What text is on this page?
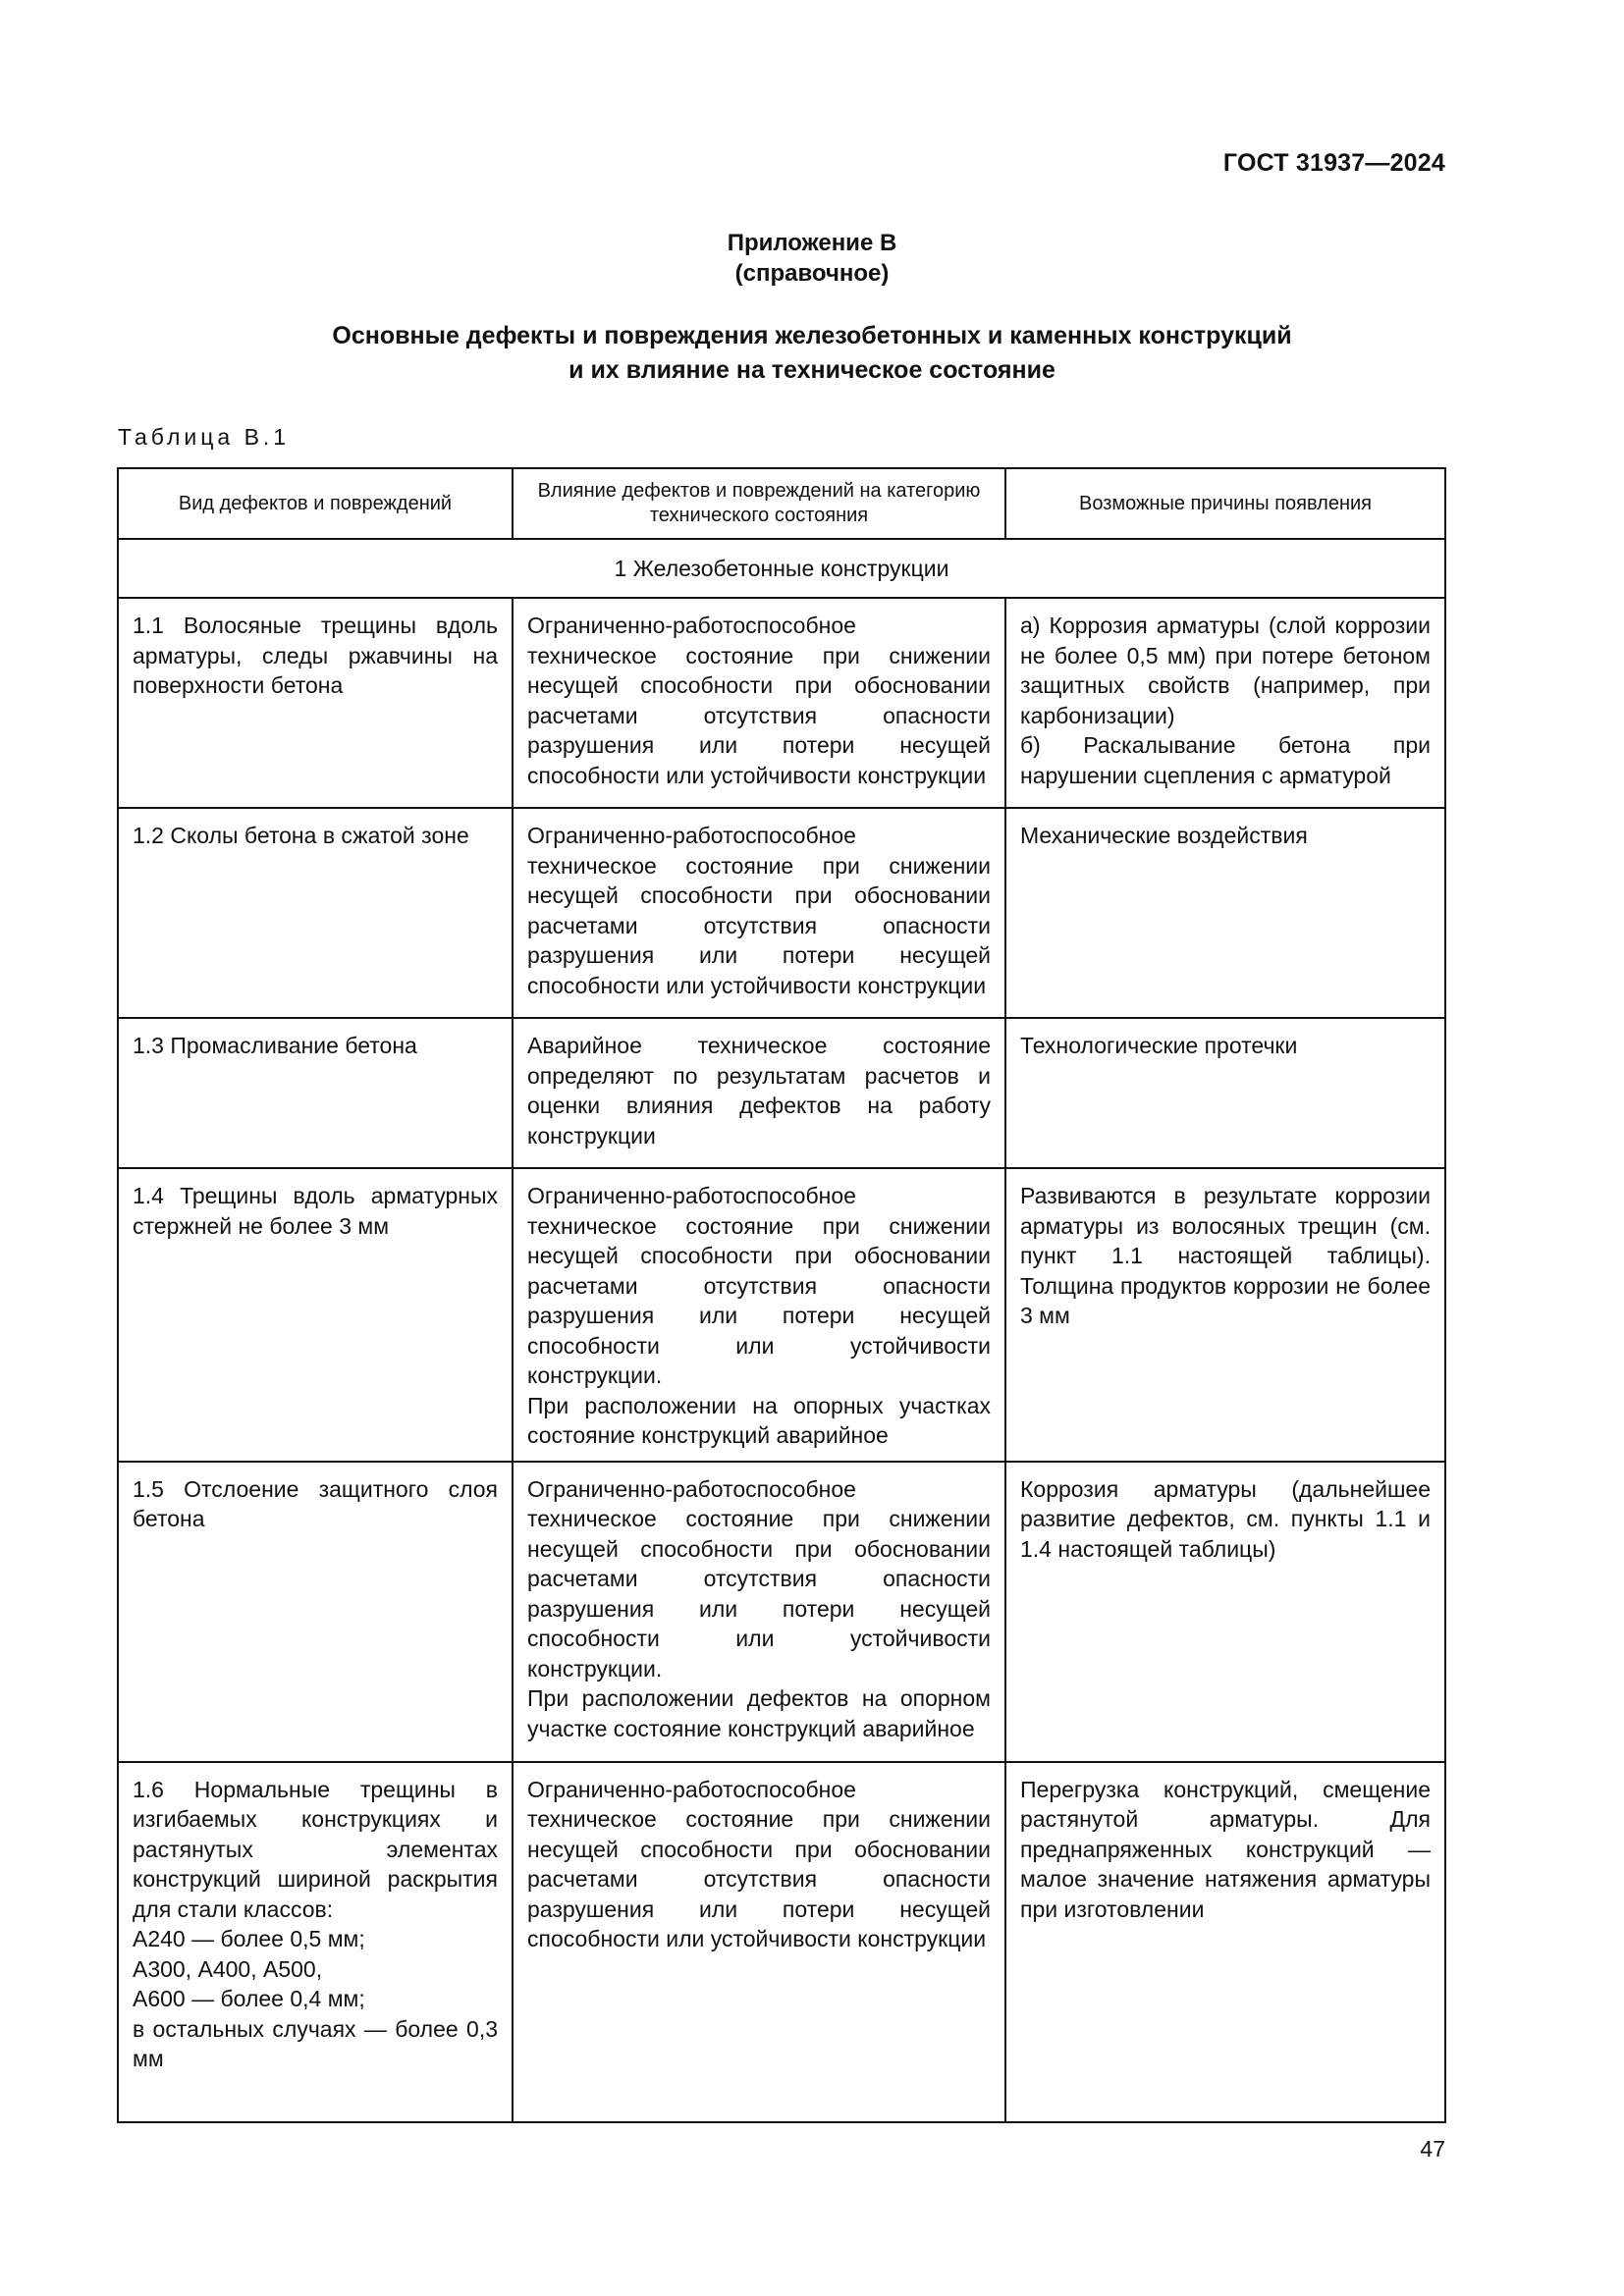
ГОСТ 31937—2024
Приложение В
(справочное)
Основные дефекты и повреждения железобетонных и каменных конструкций
и их влияние на техническое состояние
Таблица В.1
Вид дефектов и повреждений	Влияние дефектов и повреждений на категорию технического состояния	Возможные причины появления
1 Железобетонные конструкции		
1.1 Волосяные трещины вдоль арматуры, следы ржавчины на поверхности бетона	Ограниченно-работоспособное техническое состояние при снижении несущей способности при обосновании расчетами отсутствия опасности разрушения или потери несущей способности или устойчивости конструкции	а) Коррозия арматуры (слой коррозии не более 0,5 мм) при потере бетоном защитных свойств (например, при карбонизации)
б) Раскалывание бетона при нарушении сцепления с арматурой

1.2 Сколы бетона в сжатой зоне	Ограниченно-работоспособное техническое состояние при снижении несущей способности при обосновании расчетами отсутствия опасности разрушения или потери несущей способности или устойчивости конструкции	Механические воздействия
1.3 Промасливание бетона	Аварийное техническое состояние определяют по результатам расчетов и оценки влияния дефектов на работу конструкции	Технологические протечки
1.4 Трещины вдоль арматурных стержней не более 3 мм	Ограниченно-работоспособное техническое состояние при снижении несущей способности при обосновании расчетами отсутствия опасности разрушения или потери несущей способности или устойчивости конструкции.
При расположении на опорных участках состояние конструкций аварийное	Развиваются в результате коррозии арматуры из волосяных трещин (см. пункт 1.1 настоящей таблицы). Толщина продуктов коррозии не более 3 мм
1.5 Отслоение защитного слоя бетона	Ограниченно-работоспособное техническое состояние при снижении несущей способности при обосновании расчетами отсутствия опасности разрушения или потери несущей способности или устойчивости конструкции.
При расположении дефектов на опорном участке состояние конструкций аварийное	Коррозия арматуры (дальнейшее развитие дефектов, см. пункты 1.1 и 1.4 настоящей таблицы)

1.6 Нормальные трещины в изгибаемых конструкциях и растянутых элементах конструкций шириной раскрытия для стали классов:
А240 — более 0,5 мм;
А300, А400, А500,
А600 — более 0,4 мм;
в остальных случаях — более 0,3 мм	Ограниченно-работоспособное техническое состояние при снижении несущей способности при обосновании расчетами отсутствия опасности разрушения или потери несущей способности или устойчивости конструкции	Перегрузка конструкций, смещение растянутой арматуры. Для преднапряженных конструкций — малое значение натяжения арматуры при изготовлении
47
